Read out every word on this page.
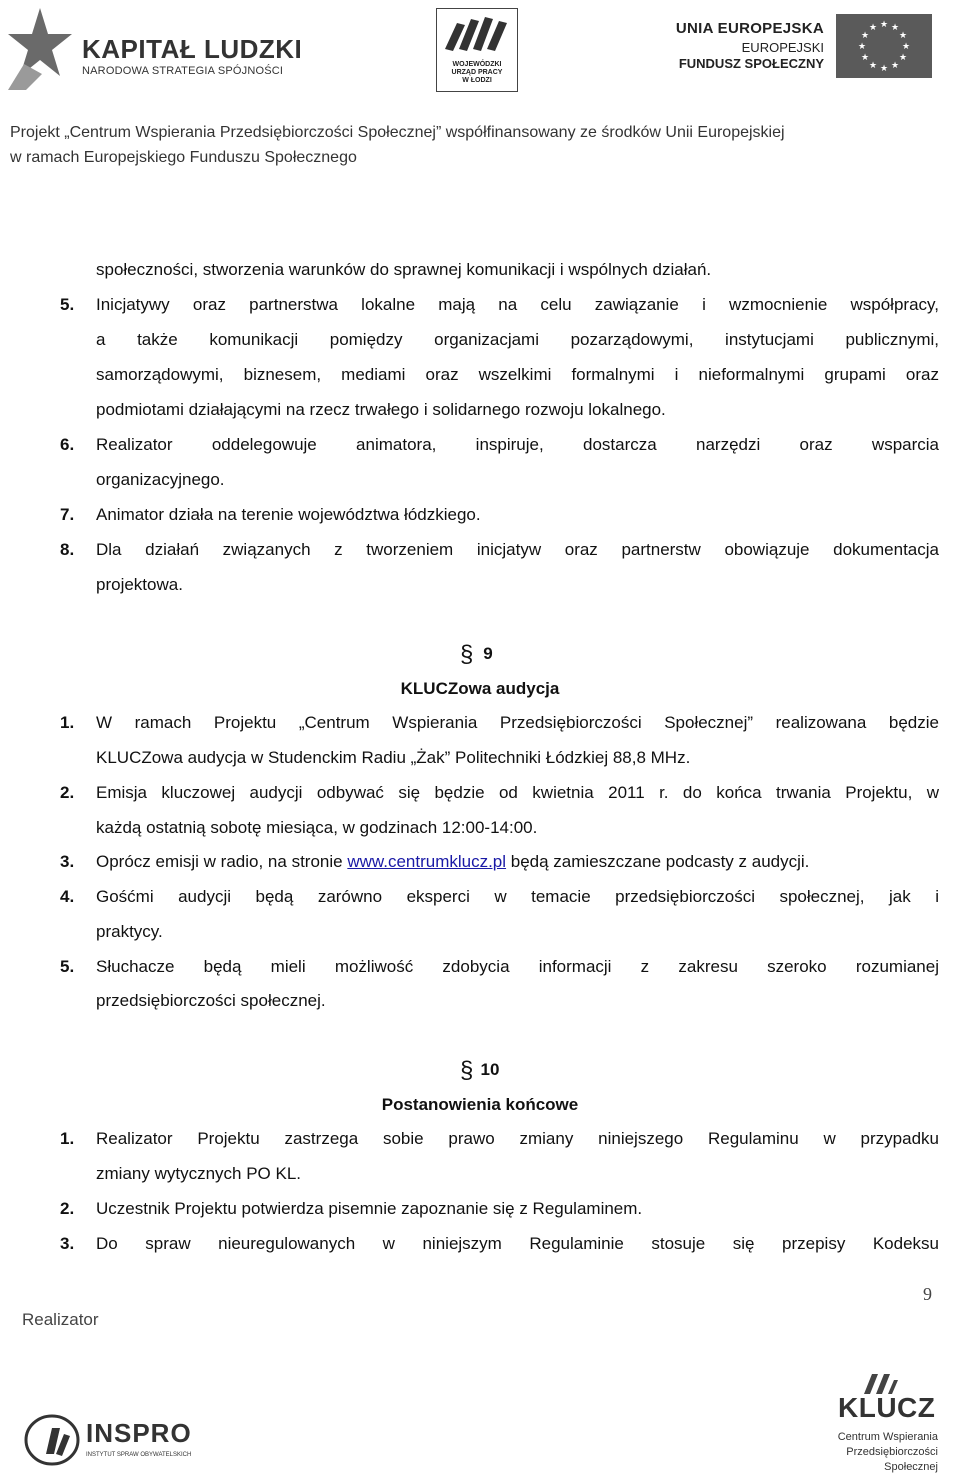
KAPITAŁ LUDZKI
NARODOWA STRATEGIA SPÓJNOŚCI
WOJEWÓDZKI
URZĄD PRACY
W ŁODZI
UNIA EUROPEJSKA
EUROPEJSKI
FUNDUSZ SPOŁECZNY
★ ★
★
★
★
★
★
★
★
★
★
★
Projekt „Centrum Wspierania Przedsiębiorczości Społecznej” współfinansowany ze środków Unii Europejskiej
w ramach Europejskiego Funduszu Społecznego
społeczności, stworzenia warunków do sprawnej komunikacji i wspólnych działań.
5. Inicjatywy oraz partnerstwa lokalne mają na celu zawiązanie i wzmocnienie współpracy,
a także komunikacji pomiędzy organizacjami pozarządowymi, instytucjami publicznymi,
samorządowymi, biznesem, mediami oraz wszelkimi formalnymi i nieformalnymi grupami oraz
podmiotami działającymi na rzecz trwałego i solidarnego rozwoju lokalnego.
6. Realizator oddelegowuje animatora, inspiruje, dostarcza narzędzi oraz wsparcia
organizacyjnego.
7. Animator działa na terenie województwa łódzkiego.
8. Dla działań związanych z tworzeniem inicjatyw oraz partnerstw obowiązuje dokumentacja
projektowa.
§ 9
KLUCZowa audycja
1. W ramach Projektu „Centrum Wspierania Przedsiębiorczości Społecznej” realizowana będzie
KLUCZowa audycja w Studenckim Radiu „Żak” Politechniki Łódzkiej 88,8 MHz.
2. Emisja kluczowej audycji odbywać się będzie od kwietnia 2011 r. do końca trwania Projektu, w
każdą ostatnią sobotę miesiąca, w godzinach 12:00-14:00.
3. Oprócz emisji w radio, na stronie www.centrumklucz.pl będą zamieszczane podcasty z audycji.
4. Gośćmi audycji będą zarówno eksperci w temacie przedsiębiorczości społecznej, jak i
praktycy.
5. Słuchacze będą mieli możliwość zdobycia informacji z zakresu szeroko rozumianej
przedsiębiorczości społecznej.
§ 10
Postanowienia końcowe
1. Realizator Projektu zastrzega sobie prawo zmiany niniejszego Regulaminu w przypadku
zmiany wytycznych PO KL.
2. Uczestnik Projektu potwierdza pisemnie zapoznanie się z Regulaminem.
3. Do spraw nieuregulowanych w niniejszym Regulaminie stosuje się przepisy Kodeksu
9
Realizator
INSPRO
INSTYTUT SPRAW OBYWATELSKICH
KLUCZ
Centrum Wspierania
Przedsiębiorczości
Społecznej
